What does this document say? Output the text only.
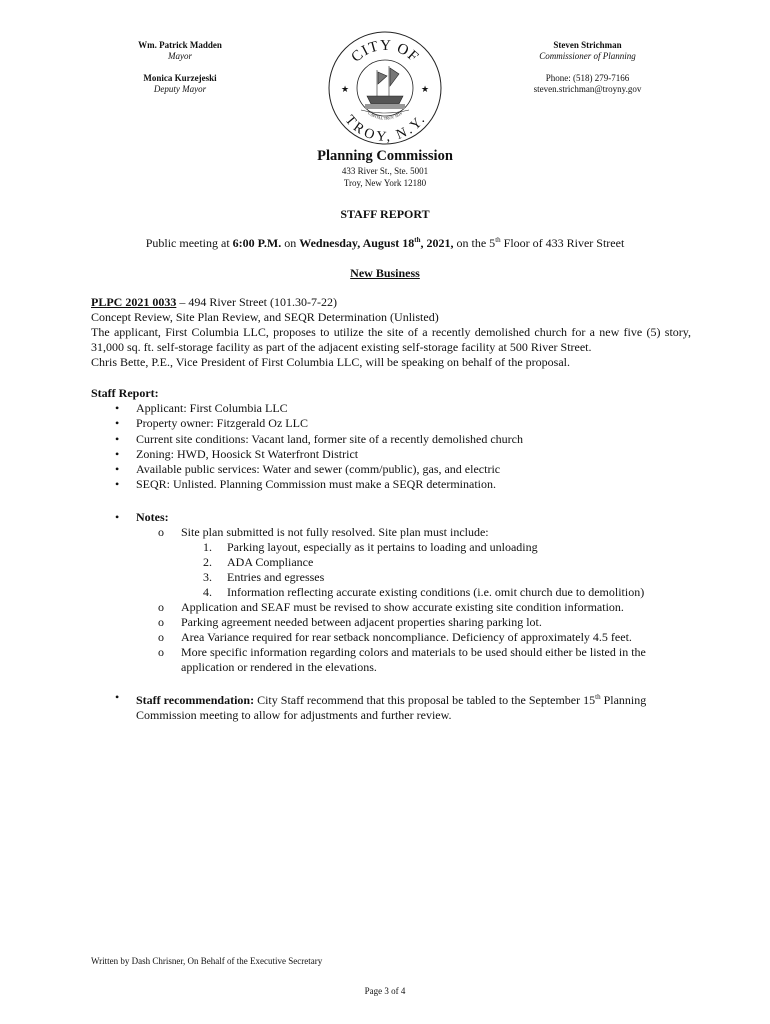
Wm. Patrick Madden
Mayor
Monica Kurzejeski
Deputy Mayor
CITY OF
TROY, N.Y.
CAPITAL TROY 1816
★	★
Steven Strichman
Commissioner of Planning
Phone: (518) 279-7166
steven.strichman@troyny.gov
Planning Commission
433 River St., Ste. 5001
Troy, New York 12180
STAFF REPORT
Public meeting at 6:00 P.M. on Wednesday, August 18th, 2021, on the 5th Floor of 433 River Street
New Business
PLPC 2021 0033 – 494 River Street (101.30-7-22)
Concept Review, Site Plan Review, and SEQR Determination (Unlisted)
The applicant, First Columbia LLC, proposes to utilize the site of a recently demolished church for a new five (5) story, 31,000 sq. ft. self-storage facility as part of the adjacent existing self-storage facility at 500 River Street.
Chris Bette, P.E., Vice President of First Columbia LLC, will be speaking on behalf of the proposal.
Staff Report:
• Applicant: First Columbia LLC
• Property owner: Fitzgerald Oz LLC
• Current site conditions: Vacant land, former site of a recently demolished church
• Zoning: HWD, Hoosick St Waterfront District
• Available public services: Water and sewer (comm/public), gas, and electric
• SEQR: Unlisted. Planning Commission must make a SEQR determination.
• Notes:
o Site plan submitted is not fully resolved. Site plan must include:
1. Parking layout, especially as it pertains to loading and unloading
2. ADA Compliance
3. Entries and egresses
4. Information reflecting accurate existing conditions (i.e. omit church due to demolition)
o Application and SEAF must be revised to show accurate existing site condition information.
o Parking agreement needed between adjacent properties sharing parking lot.
o Area Variance required for rear setback noncompliance. Deficiency of approximately 4.5 feet.
o More specific information regarding colors and materials to be used should either be listed in the application or rendered in the elevations.
• Staff recommendation: City Staff recommend that this proposal be tabled to the September 15th Planning Commission meeting to allow for adjustments and further review.
Written by Dash Chrisner, On Behalf of the Executive Secretary
Page 3 of 4
